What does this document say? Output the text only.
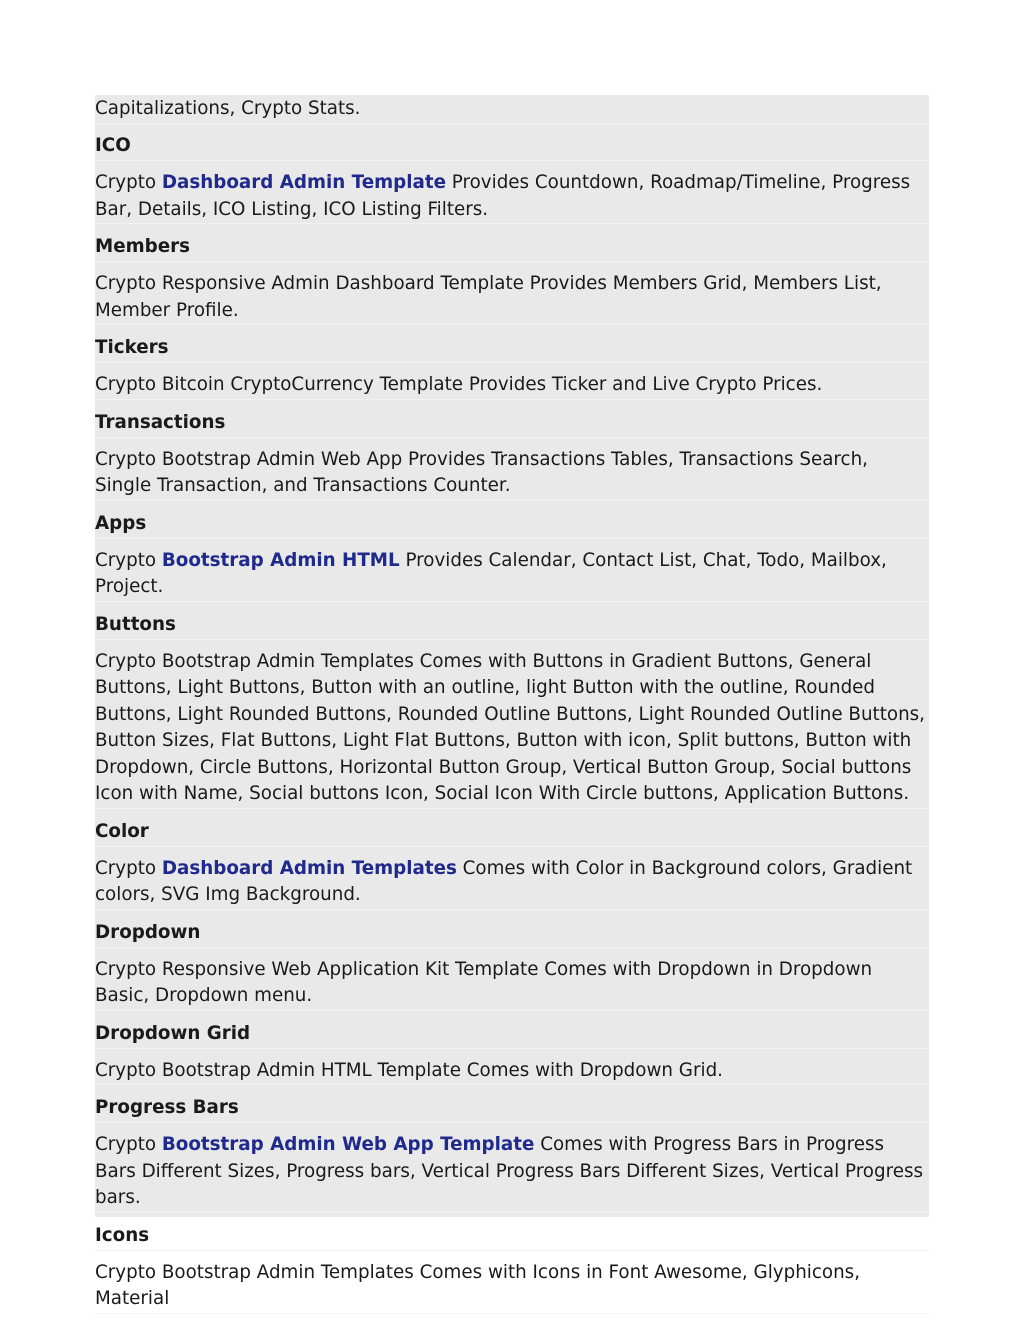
Capitalizations, Crypto Stats.
ICO
Crypto Dashboard Admin Template Provides Countdown, Roadmap/Timeline, Progress Bar, Details, ICO Listing, ICO Listing Filters.
Members
Crypto Responsive Admin Dashboard Template Provides Members Grid, Members List, Member Profile.
Tickers
Crypto Bitcoin CryptoCurrency Template Provides Ticker and Live Crypto Prices.
Transactions
Crypto Bootstrap Admin Web App Provides Transactions Tables, Transactions Search, Single Transaction, and Transactions Counter.
Apps
Crypto Bootstrap Admin HTML Provides Calendar, Contact List, Chat, Todo, Mailbox, Project.
Buttons
Crypto Bootstrap Admin Templates Comes with Buttons in Gradient Buttons, General Buttons, Light Buttons, Button with an outline, light Button with the outline, Rounded Buttons, Light Rounded Buttons, Rounded Outline Buttons, Light Rounded Outline Buttons, Button Sizes, Flat Buttons, Light Flat Buttons, Button with icon, Split buttons, Button with Dropdown, Circle Buttons, Horizontal Button Group, Vertical Button Group, Social buttons Icon with Name, Social buttons Icon, Social Icon With Circle buttons, Application Buttons.
Color
Crypto Dashboard Admin Templates Comes with Color in Background colors, Gradient colors, SVG Img Background.
Dropdown
Crypto Responsive Web Application Kit Template Comes with Dropdown in Dropdown Basic, Dropdown menu.
Dropdown Grid
Crypto Bootstrap Admin HTML Template Comes with Dropdown Grid.
Progress Bars
Crypto Bootstrap Admin Web App Template Comes with Progress Bars in Progress Bars Different Sizes, Progress bars, Vertical Progress Bars Different Sizes, Vertical Progress bars.
Icons
Crypto Bootstrap Admin Templates Comes with Icons in Font Awesome, Glyphicons, Material
